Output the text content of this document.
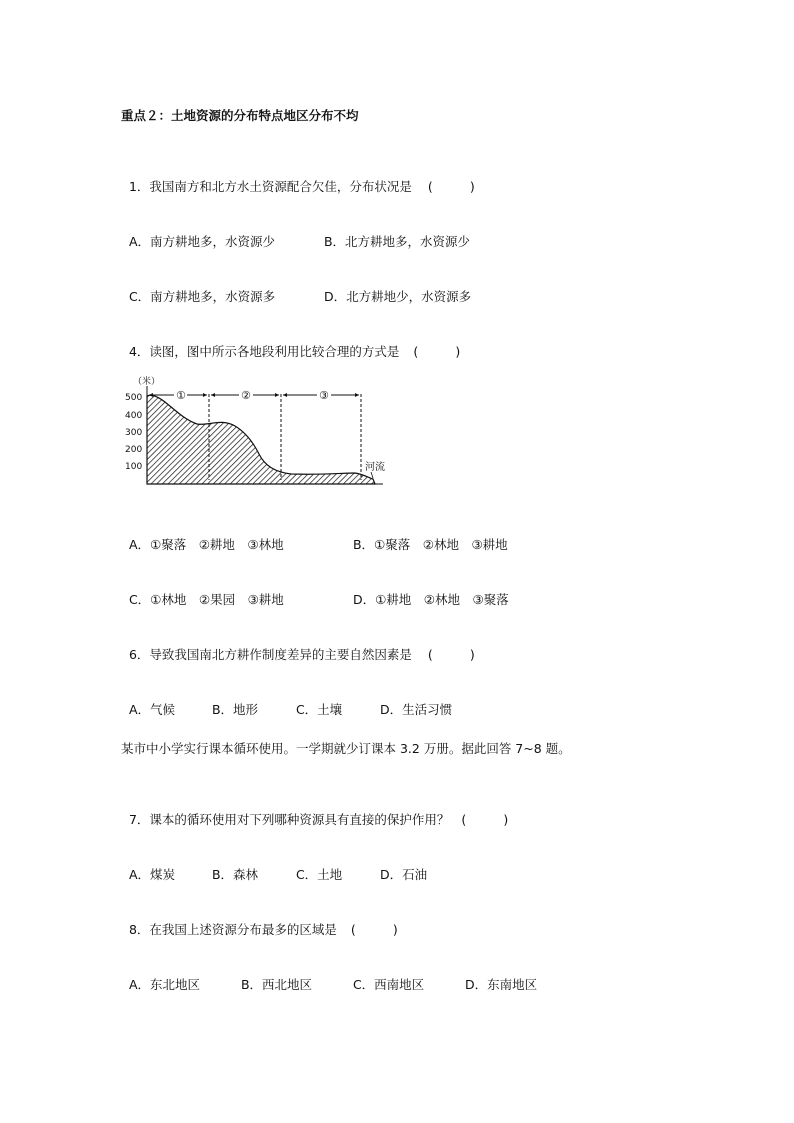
重点２：土地资源的分布特点地区分布不均

1．我国南方和北方水土资源配合欠佳，分布状况是 (	)

A．南方耕地多，水资源少	B．北方耕地多，水资源少

C．南方耕地多，水资源多	D．北方耕地少，水资源多

4．读图，图中所示各地段利用比较合理的方式是 (	)

（米）
500
400
300
200
100
①	②	③
河流

A．①聚落　②耕地　③林地	B．①聚落　②林地　③耕地

C．①林地　②果园　③耕地	D．①耕地　②林地　③聚落

6．导致我国南北方耕作制度差异的主要自然因素是 (	)

A．气候	B．地形	C．土壤	D．生活习惯

某市中小学实行课本循环使用。一学期就少订课本 3.2 万册。据此回答 7~8 题。

7．课本的循环使用对下列哪种资源具有直接的保护作用？ (	)

A．煤炭	B．森林	C．土地	D．石油

8．在我国上述资源分布最多的区域是 (	)

A．东北地区	B．西北地区	C．西南地区	D．东南地区
